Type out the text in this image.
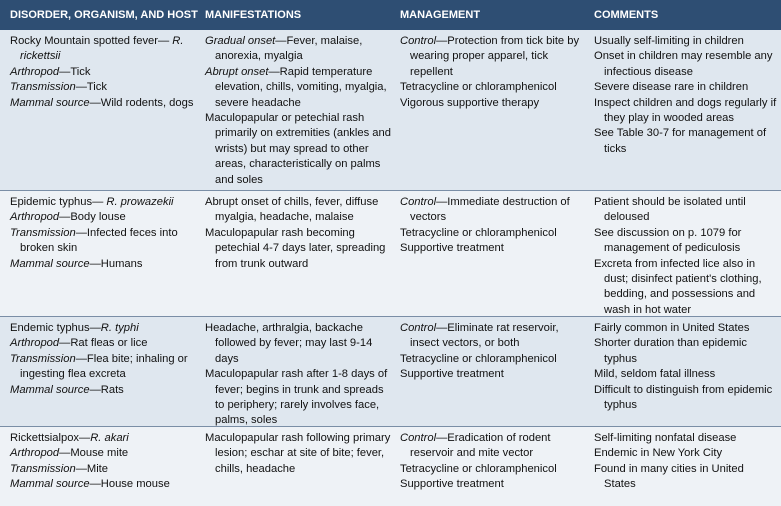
DISORDER, ORGANISM, AND HOST MANIFESTATIONS	MANAGEMENT	COMMENTS

Rocky Mountain spotted fever— R. rickettsii

Arthropod—Tick

Transmission—Tick

Mammal source—Wild rodents, dogs

Gradual onset—Fever, malaise, anorexia, myalgia

Abrupt onset—Rapid temperature elevation, chills, vomiting, myalgia, severe headache

Maculopapular or petechial rash primarily on extremities (ankles and wrists) but may spread to other areas, characteristically on palms and soles

Control—Protection from tick bite by wearing proper apparel, tick repellent

Tetracycline or chloramphenicol

Vigorous supportive therapy

Usually self-limiting in children

Onset in children may resemble any infectious disease

Severe disease rare in children

Inspect children and dogs regularly if they play in wooded areas

See Table 30-7 for management of ticks

Epidemic typhus— R. prowazekii

Arthropod—Body louse

Transmission—Infected feces into broken skin

Mammal source—Humans

Abrupt onset of chills, fever, diffuse myalgia, headache, malaise

Maculopapular rash becoming petechial 4-7 days later, spreading from trunk outward

Control—Immediate destruction of vectors

Tetracycline or chloramphenicol

Supportive treatment

Patient should be isolated until deloused

See discussion on p. 1079 for management of pediculosis

Excreta from infected lice also in dust; disinfect patient's clothing, bedding, and possessions and wash in hot water

Endemic typhus—R. typhi

Arthropod—Rat fleas or lice

Transmission—Flea bite; inhaling or ingesting flea excreta

Mammal source—Rats

Headache, arthralgia, backache followed by fever; may last 9-14 days

Maculopapular rash after 1-8 days of fever; begins in trunk and spreads to periphery; rarely involves face, palms, soles

Control—Eliminate rat reservoir, insect vectors, or both

Tetracycline or chloramphenicol

Supportive treatment

Fairly common in United States

Shorter duration than epidemic typhus

Mild, seldom fatal illness

Difficult to distinguish from epidemic typhus

Rickettsialpox—R. akari

Arthropod—Mouse mite

Transmission—Mite

Mammal source—House mouse

Maculopapular rash following primary lesion; eschar at site of bite; fever, chills, headache

Control—Eradication of rodent reservoir and mite vector

Tetracycline or chloramphenicol

Supportive treatment

Self-limiting nonfatal disease

Endemic in New York City

Found in many cities in United States
